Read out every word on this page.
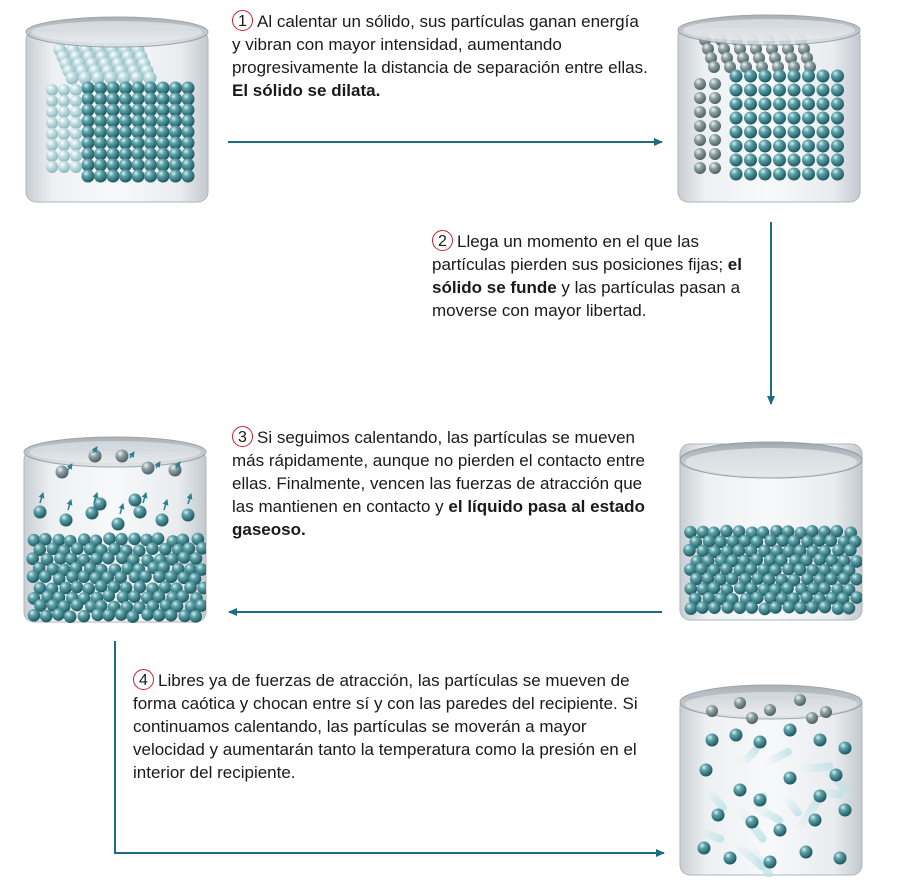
1 Al calentar un sólido, sus partículas ganan energía y vibran con mayor intensidad, aumentando progresivamente la distancia de separación entre ellas. El sólido se dilata.
2 Llega un momento en el que las partículas pierden sus posiciones fijas; el sólido se funde y las partículas pasan a moverse con mayor libertad.
3 Si seguimos calentando, las partículas se mueven más rápidamente, aunque no pierden el contacto entre ellas. Finalmente, vencen las fuerzas de atracción que las mantienen en contacto y el líquido pasa al estado gaseoso.
4 Libres ya de fuerzas de atracción, las partículas se mueven de forma caótica y chocan entre sí y con las paredes del recipiente. Si continuamos calentando, las partículas se moverán a mayor velocidad y aumentarán tanto la temperatura como la presión en el interior del recipiente.
